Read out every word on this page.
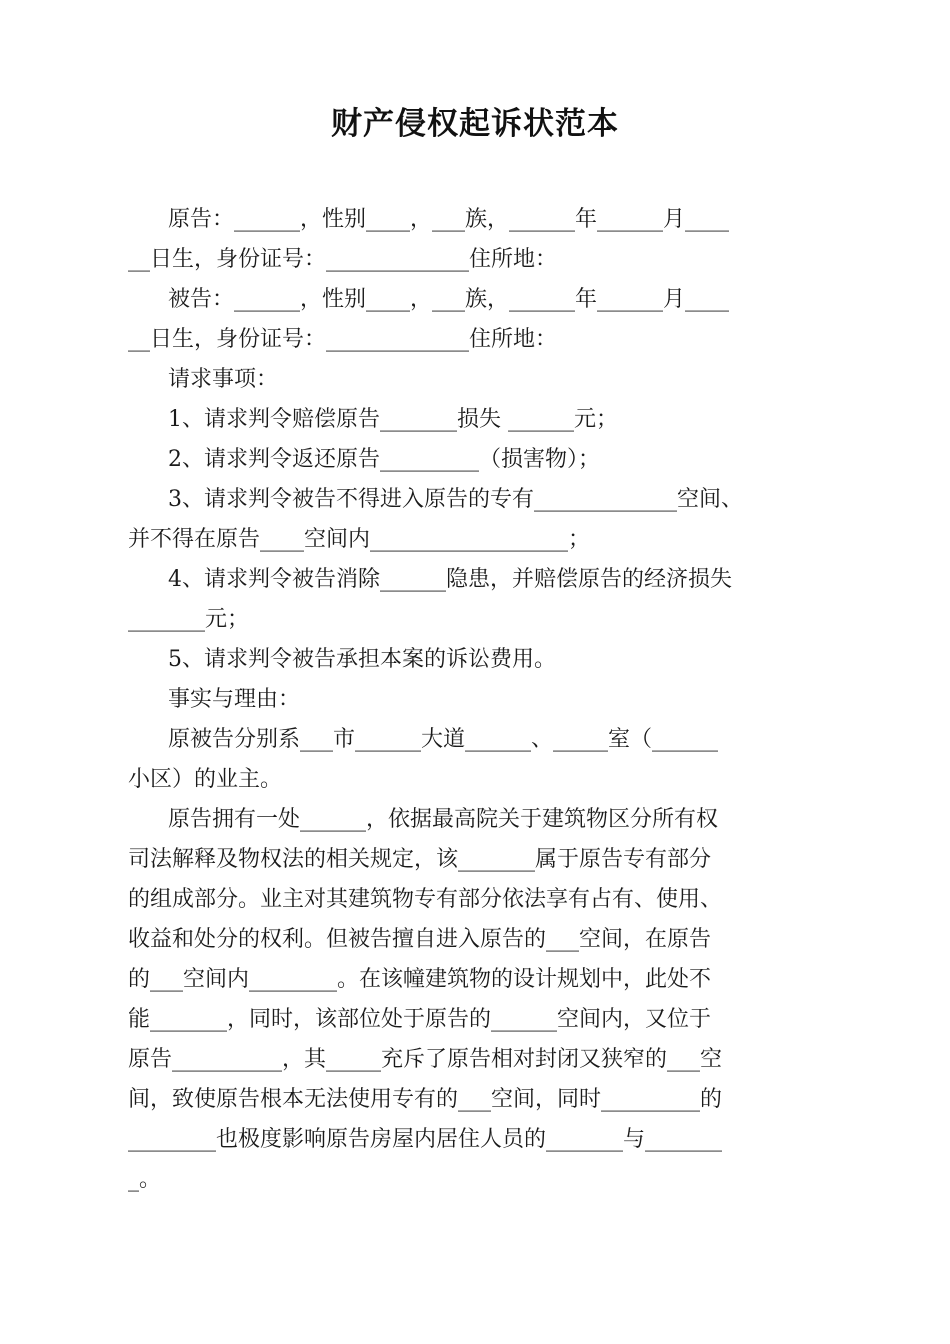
财产侵权起诉状范本

原告：______，性别____，___族，______年______月____

__日生，身份证号：_____________住所地：

被告：______，性别____，___族，______年______月____

__日生，身份证号：_____________住所地：

请求事项：

1、请求判令赔偿原告_______损失 ______元；

2、请求判令返还原告_________（损害物）；

3、请求判令被告不得进入原告的专有_____________空间、

并不得在原告____空间内__________________；

4、请求判令被告消除______隐患，并赔偿原告的经济损失

_______元；

5、请求判令被告承担本案的诉讼费用。

事实与理由：

原被告分别系___市______大道______、_____室（______

小区）的业主。

原告拥有一处______，依据最高院关于建筑物区分所有权

司法解释及物权法的相关规定，该_______属于原告专有部分

的组成部分。业主对其建筑物专有部分依法享有占有、使用、

收益和处分的权利。但被告擅自进入原告的___空间，在原告

的___空间内________。在该幢建筑物的设计规划中，此处不

能_______，同时，该部位处于原告的______空间内，又位于

原告__________，其_____充斥了原告相对封闭又狭窄的___空

间，致使原告根本无法使用专有的___空间，同时_________的

________也极度影响原告房屋内居住人员的_______与_______

_。
